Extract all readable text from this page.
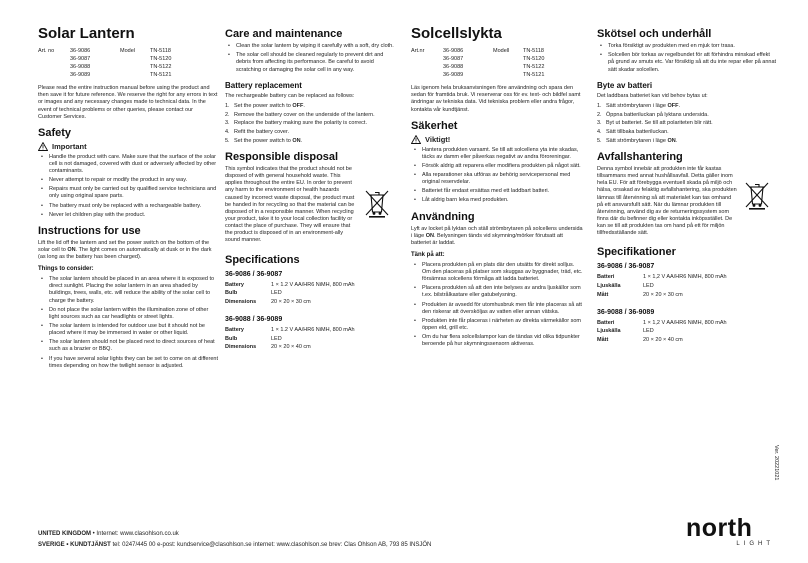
Solar Lantern
Art. no	36-9086	Model	TN-5118
	36-9087		TN-5120
	36-9088		TN-5122
	36-9089		TN-5121

Please read the entire instruction manual before using the product and then save it for future reference. We reserve the right for any errors in text or images and any necessary changes made to technical data. In the event of technical problems or other queries, please contact our Customer Services.

Safety
Important
• Handle the product with care. Make sure that the surface of the solar cell is not damaged, covered with dust or adversely affected by other contaminants.
• Never attempt to repair or modify the product in any way.
• Repairs must only be carried out by qualified service technicians and only using original spare parts.
• The battery must only be replaced with a rechargeable battery.
• Never let children play with the product.
Instructions for use

Lift the lid off the lantern and set the power switch on the bottom of the solar cell to ON. The light comes on automatically at dusk or in the dark (as long as the battery has been charged).

Things to consider:
• The solar lantern should be placed in an area where it is exposed to direct sunlight. Placing the solar lantern in an area shaded by buildings, trees, walls, etc. will reduce the ability of the solar cell to charge the battery.
• Do not place the solar lantern within the illumination zone of other light sources such as car headlights or street lights.
• The solar lantern is intended for outdoor use but it should not be placed where it may be immersed in water or other liquid.
• The solar lantern should not be placed next to direct sources of heat such as a brazier or BBQ.
• If you have several solar lights they can be set to come on at different times depending on how the twilight sensor is adjusted.
Care and maintenance
• Clean the solar lantern by wiping it carefully with a soft, dry cloth.
• The solar cell should be cleaned regularly to prevent dirt and debris from affecting its performance. Be careful to avoid scratching or damaging the solar cell in any way.
Battery replacement

The rechargeable battery can be replaced as follows:

1. Set the power switch to OFF.
2. Remove the battery cover on the underside of the lantern.
3. Replace the battery making sure the polarity is correct.
4. Refit the battery cover.
5. Set the power switch to ON.
Responsible disposal

This symbol indicates that the product should not be disposed of with general household waste. This applies throughout the entire EU. In order to prevent any harm to the environment or health hazards caused by incorrect waste disposal, the product must be handed in for recycling so that the material can be disposed of in a responsible manner. When recycling your product, take it to your local collection facility or contact the place of purchase. They will ensure that the product is disposed of in an environment-ally sound manner.

Specifications
36-9086 / 36-9087
Battery	1 × 1.2 V AA/HR6 NiMH, 800 mAh
Bulb	LED
Dimensions	20 × 20 × 30 cm
36-9088 / 36-9089
Battery	1 × 1.2 V AA/HR6 NiMH, 800 mAh
Bulb	LED
Dimensions	20 × 20 × 40 cm
Solcellslykta
Art.nr	36-9086	Modell	TN-5118
	36-9087		TN-5120
	36-9088		TN-5122
	36-9089		TN-5121

Läs igenom hela bruksanvisningen före användning och spara den sedan för framtida bruk. Vi reserverar oss för ev. text- och bildfel samt ändringar av tekniska data. Vid tekniska problem eller andra frågor, kontakta vår kundtjänst.

Säkerhet
Viktigt!
• Hantera produkten varsamt. Se till att solcellens yta inte skadas, täcks av damm eller påverkas negativt av andra föroreningar.
• Försök aldrig att reparera eller modifiera produkten på något sätt.
• Alla reparationer ska utföras av behörig servicepersonal med original reservdelar.
• Batteriet får endast ersättas med ett laddbart batteri.
• Låt aldrig barn leka med produkten.
Användning

Lyft av locket på lyktan och ställ strömbrytaren på solcellens undersida i läge ON. Belysningen tänds vid skymning/mörker förutsatt att batteriet är laddat.

Tänk på att:
• Placera produkten på en plats där den utsätts för direkt solljus. Om den placeras på platser som skuggas av byggnader, träd, etc. försämras solcellens förmåga att ladda batteriet.
• Placera produkten så att den inte belyses av andra ljuskällor som t.ex. bilstrålkastare eller gatubelysning.
• Produkten är avsedd för utomhusbruk men får inte placeras så att den riskerar att översköljas av vatten eller annan vätska.
• Produkten inte får placeras i närheten av direkta värmekällor som öppen eld, grill etc.
• Om du har flera solcellslampor kan de tändas vid olika tidpunkter beroende på hur skymningssensorn aktiveras.
Skötsel och underhåll
• Torka försiktigt av produkten med en mjuk torr trasa.
• Solcellen bör torkas av regelbundet för att förhindra minskad effekt på grund av smuts etc. Var försiktig så att du inte repar eller på annat sätt skadar solcellen.
Byte av batteri

Det laddbara batteriet kan vid behov bytas ut:

1. Sätt strömbrytaren i läge OFF.
2. Öppna batteriluckan på lyktans undersida.
3. Byt ut batteriet. Se till att polariteten blir rätt.
4. Sätt tillbaka batteriluckan.
5. Sätt strömbrytaren i läge ON.
Avfallshantering

Denna symbol innebär att produkten inte får kastas tillsammans med annat hushållsavfall. Detta gäller inom hela EU. För att förebygga eventuell skada på miljö och hälsa, orsakad av felaktig avfallshantering, ska produkten lämnas till återvinning så att materialet kan tas omhand på ett ansvarsfullt sätt. När du lämnar produkten till återvinning, använd dig av de returneringssystem som finns där du befinner dig eller kontakta inköpsstället. De kan se till att produkten tas om hand på ett för miljön tillfredsställande sätt.

Specifikationer
36-9086 / 36-9087
Batteri	1 × 1,2 V AA/HR6 NiMH, 800 mAh
Ljuskälla	LED
Mått	20 × 20 × 30 cm
36-9088 / 36-9089
Batteri	1 × 1,2 V AA/HR6 NiMH, 800 mAh
Ljuskälla	LED
Mått	20 × 20 × 40 cm
UNITED KINGDOM • Internet: www.clasohlson.co.uk
SVERIGE • KUNDTJÄNST tel: 0247/445 00 e-post: kundservice@clasohlson.se internet: www.clasohlson.se brev: Clas Ohlson AB, 793 85 INSJÖN
north
LIGHT
Ver. 20221021
